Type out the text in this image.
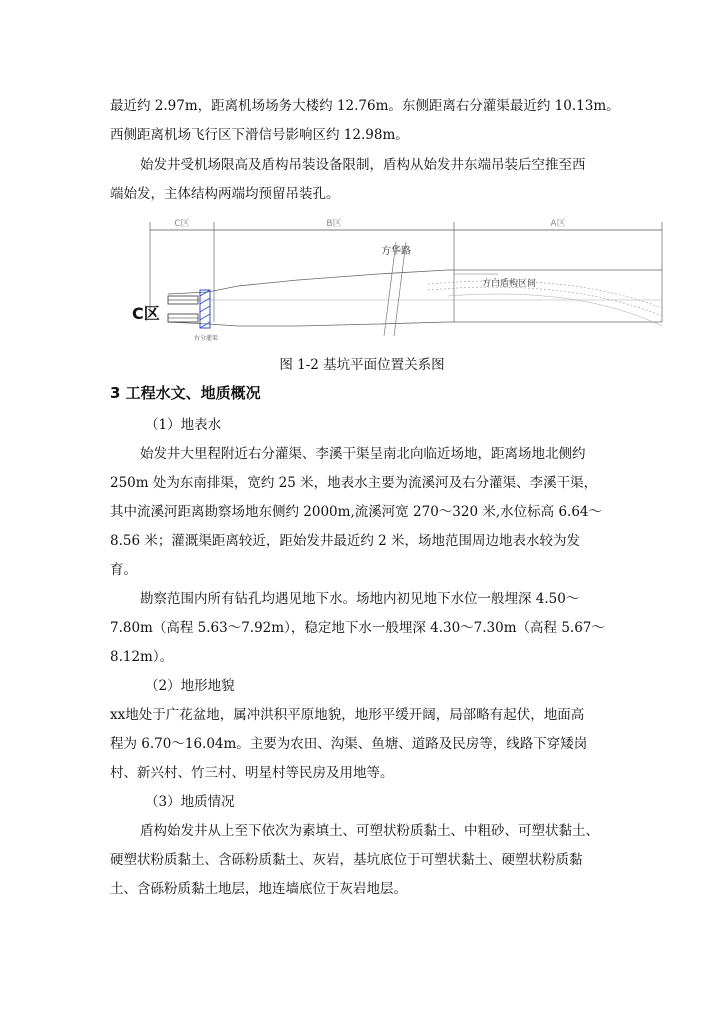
最近约 2.97m，距离机场场务大楼约 12.76m。东侧距离右分灌渠最近约 10.13m。
西侧距离机场飞行区下滑信号影响区约 12.98m。
始发井受机场限高及盾构吊装设备限制，盾构从始发井东端吊装后空推至西
端始发，主体结构两端均预留吊装孔。
C区	B区	A区
右分灌渠
方华路
方白盾构区间
C区
图 1-2 基坑平面位置关系图
3 工程水文、地质概况
（1）地表水
始发井大里程附近右分灌渠、李溪干渠呈南北向临近场地，距离场地北侧约
250m 处为东南排渠，宽约 25 米，地表水主要为流溪河及右分灌渠、李溪干渠，
其中流溪河距离勘察场地东侧约 2000m,流溪河宽 270～320 米,水位标高 6.64～
8.56 米；灌溉渠距离较近，距始发井最近约 2 米，场地范围周边地表水较为发
育。
勘察范围内所有钻孔均遇见地下水。场地内初见地下水位一般埋深 4.50～
7.80m（高程 5.63～7.92m），稳定地下水一般埋深 4.30～7.30m（高程 5.67～
8.12m）。
（2）地形地貌
xx地处于广花盆地，属冲洪积平原地貌，地形平缓开阔，局部略有起伏，地面高
程为 6.70～16.04m。主要为农田、沟渠、鱼塘、道路及民房等，线路下穿矮岗
村、新兴村、竹三村、明星村等民房及用地等。
（3）地质情况
盾构始发井从上至下依次为素填土、可塑状粉质黏土、中粗砂、可塑状黏土、
硬塑状粉质黏土、含砾粉质黏土、灰岩，基坑底位于可塑状黏土、硬塑状粉质黏
土、含砾粉质黏土地层，地连墙底位于灰岩地层。
